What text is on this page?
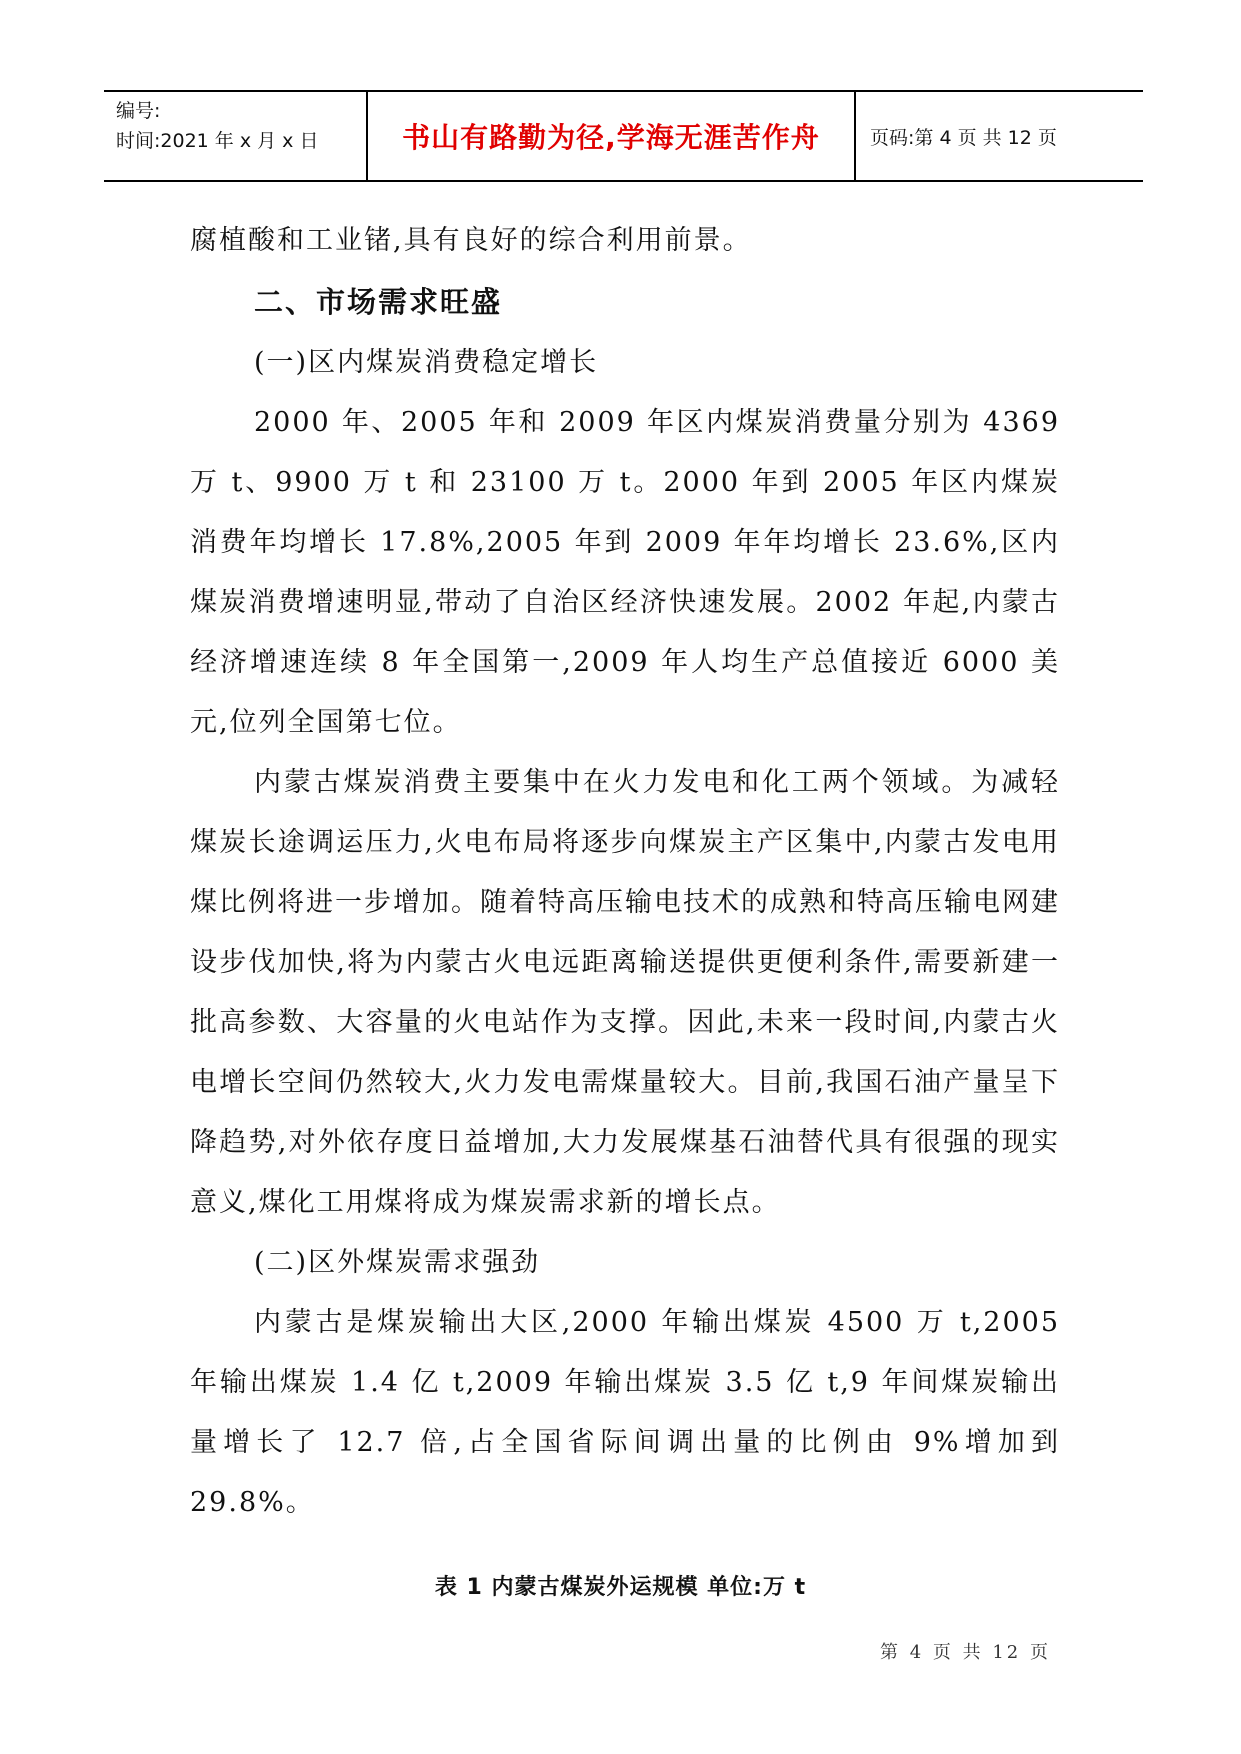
编号:
时间:2021 年 x 月 x 日	书山有路勤为径,学海无涯苦作舟	页码:第 4 页 共 12 页

腐植酸和工业锗,具有良好的综合利用前景。

二、市场需求旺盛

(一)区内煤炭消费稳定增长

2000 年、2005 年和 2009 年区内煤炭消费量分别为 4369 万 t、9900 万 t 和 23100 万 t。2000 年到 2005 年区内煤炭消费年均增长 17.8%,2005 年到 2009 年年均增长 23.6%,区内煤炭消费增速明显,带动了自治区经济快速发展。2002 年起,内蒙古经济增速连续 8 年全国第一,2009 年人均生产总值接近 6000 美元,位列全国第七位。

内蒙古煤炭消费主要集中在火力发电和化工两个领域。为减轻煤炭长途调运压力,火电布局将逐步向煤炭主产区集中,内蒙古发电用煤比例将进一步增加。随着特高压输电技术的成熟和特高压输电网建设步伐加快,将为内蒙古火电远距离输送提供更便利条件,需要新建一批高参数、大容量的火电站作为支撑。因此,未来一段时间,内蒙古火电增长空间仍然较大,火力发电需煤量较大。目前,我国石油产量呈下降趋势,对外依存度日益增加,大力发展煤基石油替代具有很强的现实意义,煤化工用煤将成为煤炭需求新的增长点。

(二)区外煤炭需求强劲

内蒙古是煤炭输出大区,2000 年输出煤炭 4500 万 t,2005 年输出煤炭 1.4 亿 t,2009 年输出煤炭 3.5 亿 t,9 年间煤炭输出量增长了 12.7 倍,占全国省际间调出量的比例由 9%增加到 29.8%。

表 1 内蒙古煤炭外运规模 单位:万 t
第 4 页 共 12 页
